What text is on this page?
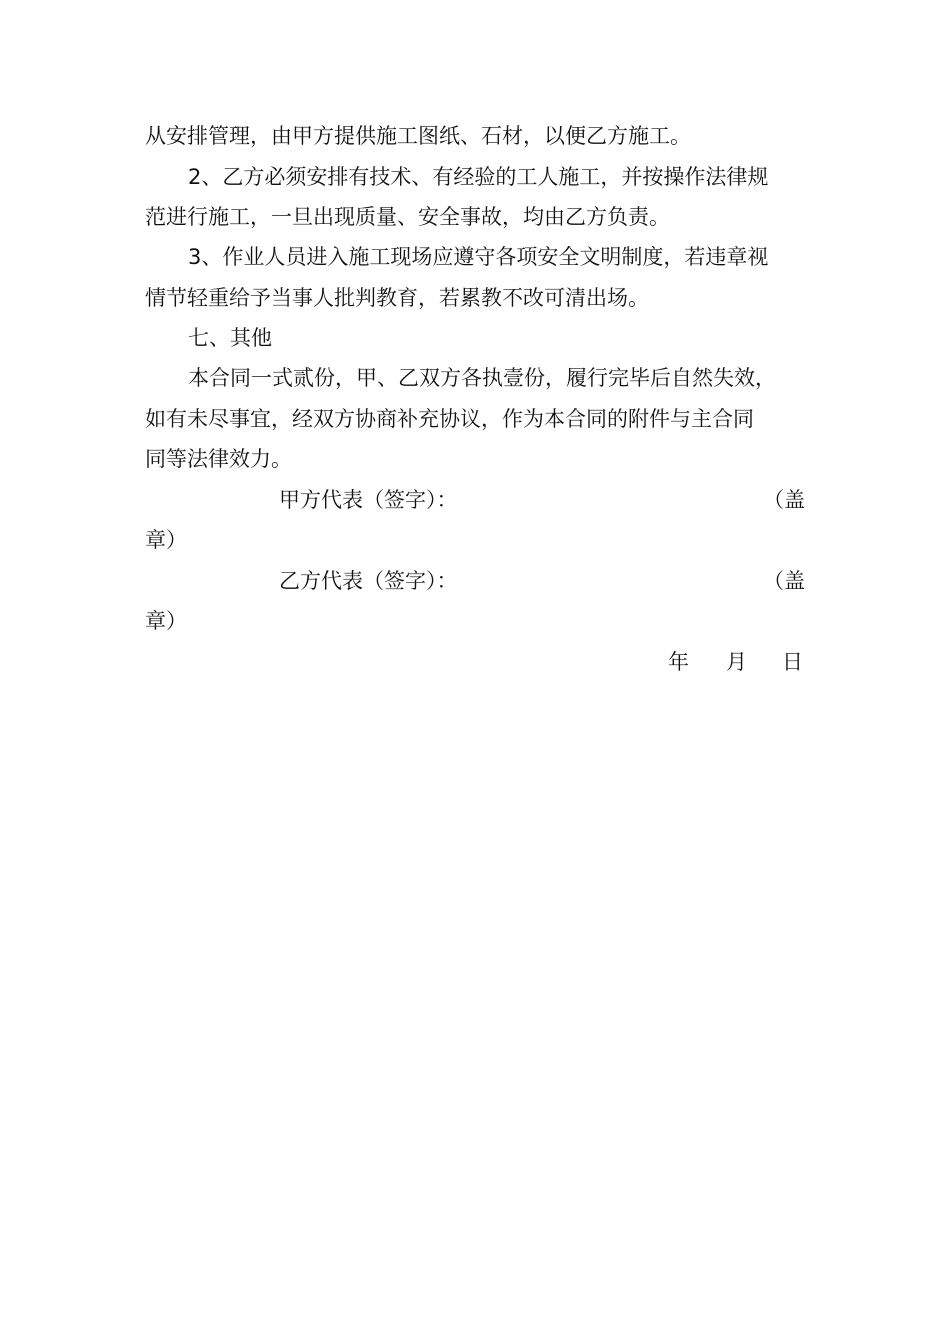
从安排管理，由甲方提供施工图纸、石材，以便乙方施工。
2、乙方必须安排有技术、有经验的工人施工，并按操作法律规
范进行施工，一旦出现质量、安全事故，均由乙方负责。
3、作业人员进入施工现场应遵守各项安全文明制度，若违章视
情节轻重给予当事人批判教育，若累教不改可清出场。
七、其他
本合同一式贰份，甲、乙双方各执壹份，履行完毕后自然失效，
如有未尽事宜，经双方协商补充协议，作为本合同的附件与主合同
同等法律效力。
甲方代表（签字）：	（盖
章）
乙方代表（签字）：	（盖
章）
年 月 日
